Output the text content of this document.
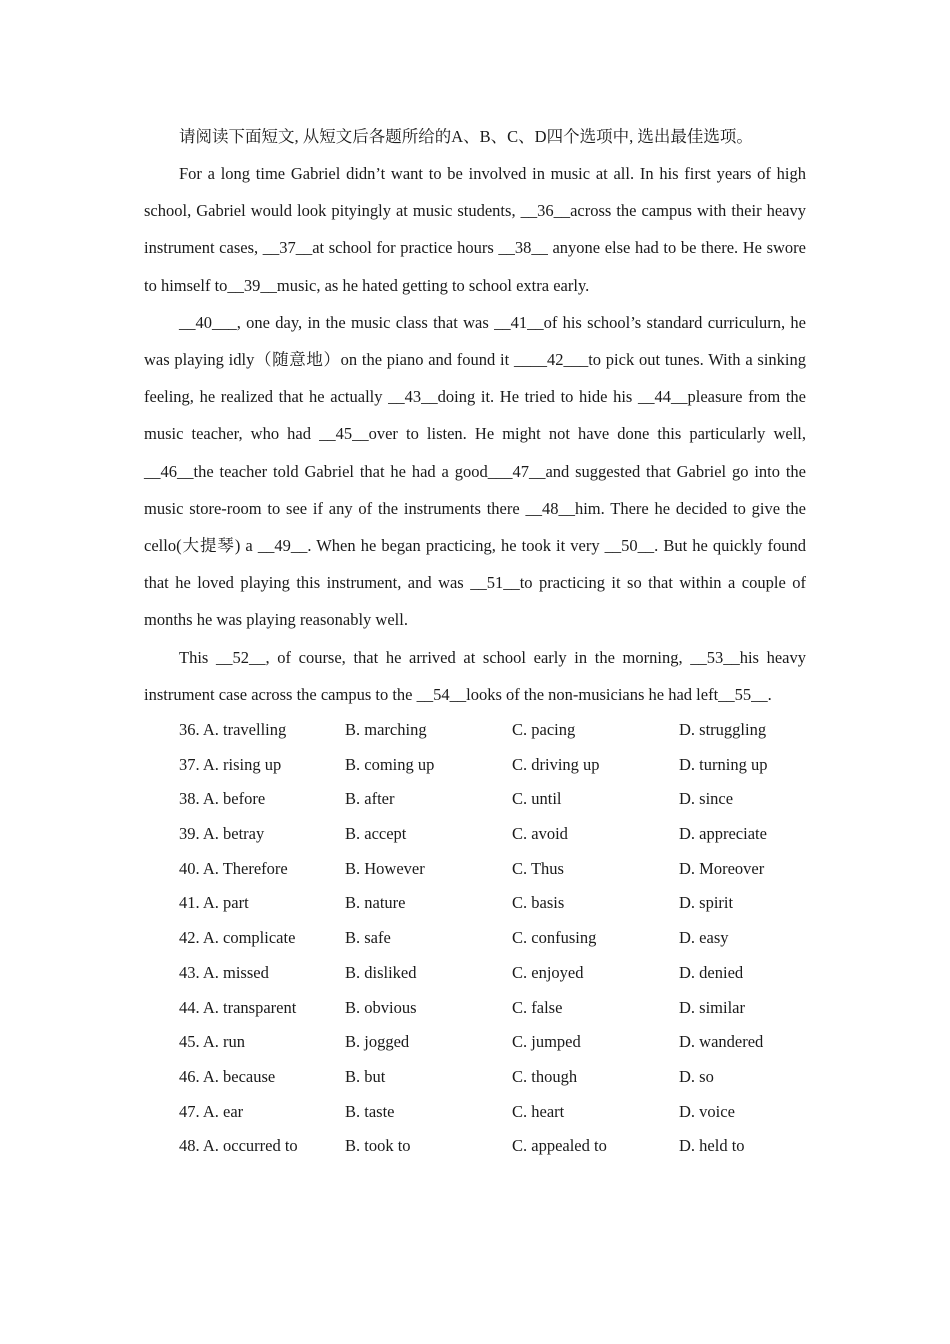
请阅读下面短文, 从短文后各题所给的A、B、C、D四个选项中, 选出最佳选项。

For a long time Gabriel didn’t want to be involved in music at all. In his first years of high school, Gabriel would look pityingly at music students, __36__across the campus with their heavy instrument cases, __37__at school for practice hours __38__ anyone else had to be there. He swore to himself to__39__music, as he hated getting to school extra early.

__40___, one day, in the music class that was __41__of his school’s standard curriculurn, he was playing idly（随意地）on the piano and found it ____42___to pick out tunes. With a sinking feeling, he realized that he actually __43__doing it. He tried to hide his __44__pleasure from the music teacher, who had __45__over to listen. He might not have done this particularly well, __46__the teacher told Gabriel that he had a good___47__and suggested that Gabriel go into the music store-room to see if any of the instruments there __48__him. There he decided to give the cello(大提琴) a __49__. When he began practicing, he took it very __50__. But he quickly found that he loved playing this instrument, and was __51__to practicing it so that within a couple of months he was playing reasonably well.

This __52__, of course, that he arrived at school early in the morning, __53__his heavy instrument case across the campus to the __54__looks of the non-musicians he had left__55__.

36. A. travelling	B. marching	C. pacing	D. struggling
37. A. rising up	B. coming up	C. driving up	D. turning up
38. A. before	B. after	C. until	D. since
39. A. betray	B. accept	C. avoid	D. appreciate
40. A. Therefore	B. However	C. Thus	D. Moreover
41. A. part	B. nature	C. basis	D. spirit
42. A. complicate	B. safe	C. confusing	D. easy
43. A. missed	B. disliked	C. enjoyed	D. denied
44. A. transparent	B. obvious	C. false	D. similar
45. A. run	B. jogged	C. jumped	D. wandered
46. A. because	B. but	C. though	D. so
47. A. ear	B. taste	C. heart	D. voice
48. A. occurred to	B. took to	C. appealed to	D. held to
